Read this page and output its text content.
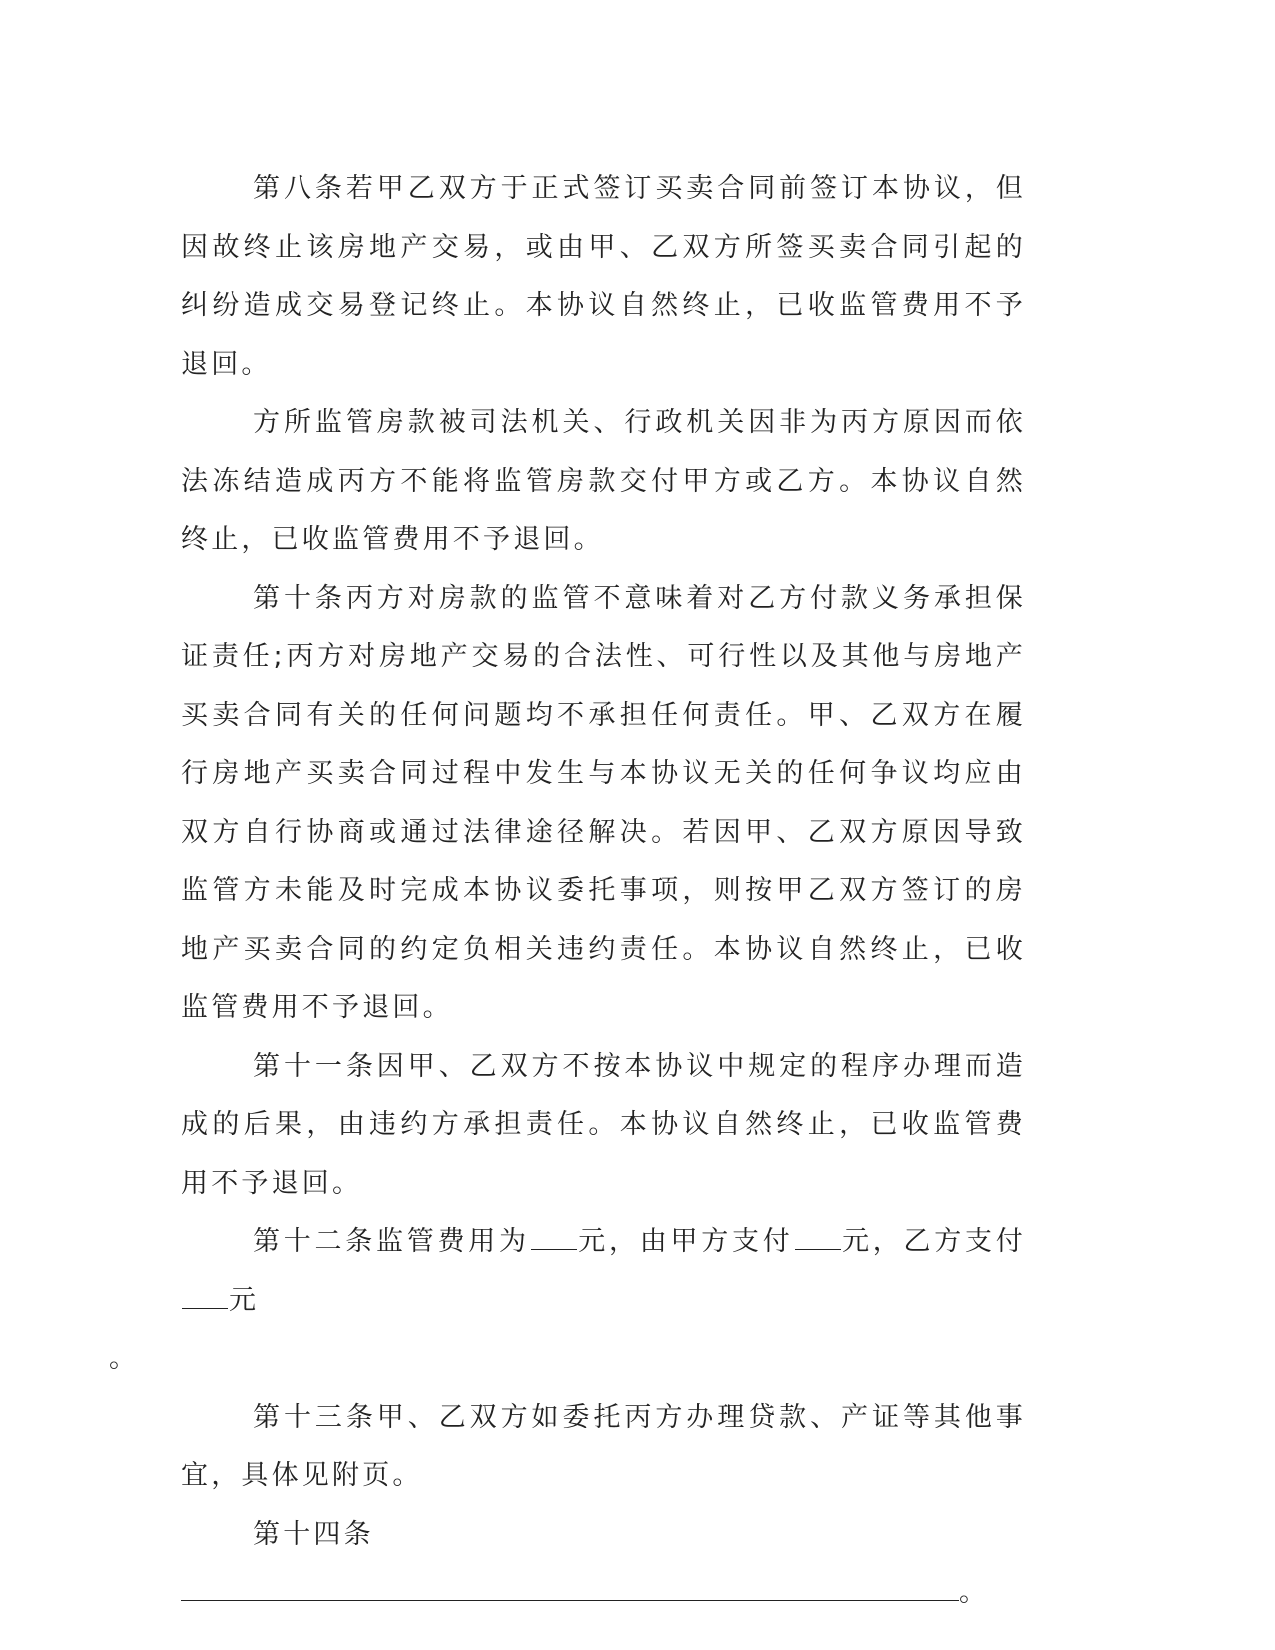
第八条若甲乙双方于正式签订买卖合同前签订本协议，但因故终止该房地产交易，或由甲、乙双方所签买卖合同引起的纠纷造成交易登记终止。本协议自然终止，已收监管费用不予退回。

方所监管房款被司法机关、行政机关因非为丙方原因而依法冻结造成丙方不能将监管房款交付甲方或乙方。本协议自然终止，已收监管费用不予退回。

第十条丙方对房款的监管不意味着对乙方付款义务承担保证责任;丙方对房地产交易的合法性、可行性以及其他与房地产买卖合同有关的任何问题均不承担任何责任。甲、乙双方在履行房地产买卖合同过程中发生与本协议无关的任何争议均应由双方自行协商或通过法律途径解决。若因甲、乙双方原因导致监管方未能及时完成本协议委托事项，则按甲乙双方签订的房地产买卖合同的约定负相关违约责任。本协议自然终止，已收监管费用不予退回。

第十一条因甲、乙双方不按本协议中规定的程序办理而造成的后果，由违约方承担责任。本协议自然终止，已收监管费用不予退回。

第十二条监管费用为 元，由甲方支付 元，乙方支付元
。

第十三条甲、乙双方如委托丙方办理贷款、产证等其他事宜，具体见附页。

第十四条

。
